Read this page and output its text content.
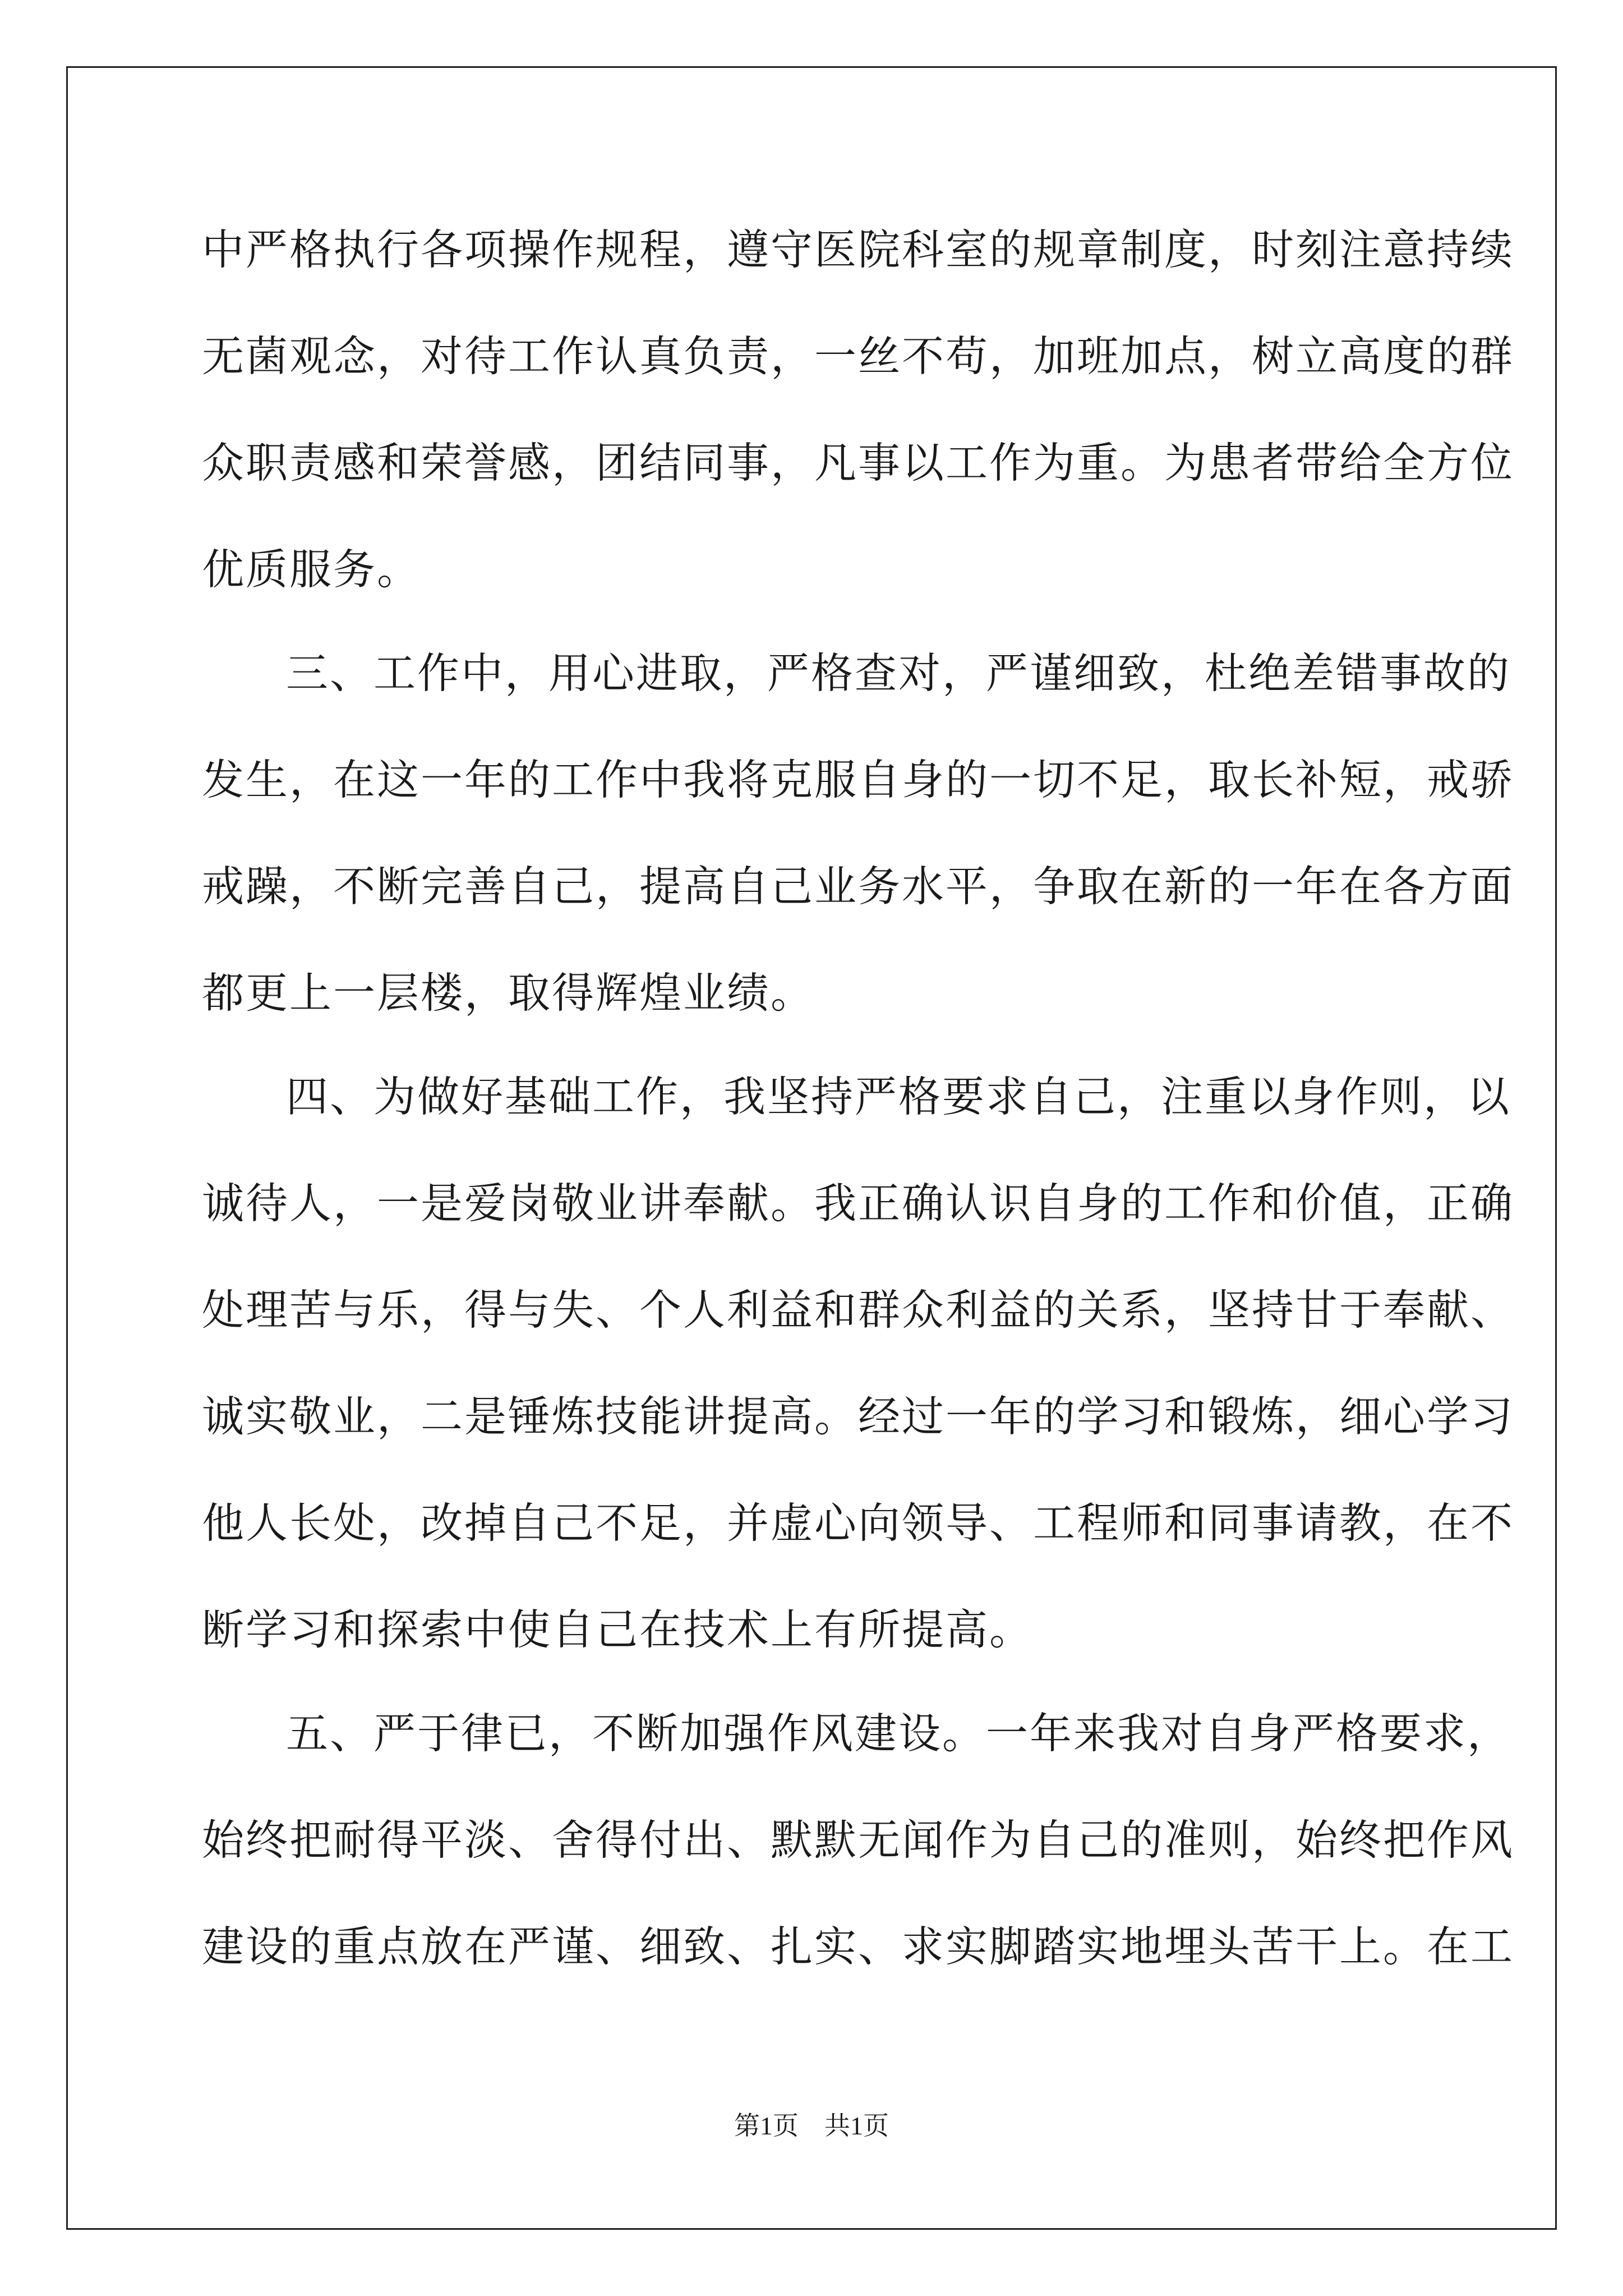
中严格执行各项操作规程，遵守医院科室的规章制度，时刻注意持续
无菌观念，对待工作认真负责，一丝不苟，加班加点，树立高度的群
众职责感和荣誉感，团结同事，凡事以工作为重。为患者带给全方位
优质服务。
三、工作中，用心进取，严格查对，严谨细致，杜绝差错事故的
发生，在这一年的工作中我将克服自身的一切不足，取长补短，戒骄
戒躁，不断完善自己，提高自己业务水平，争取在新的一年在各方面
都更上一层楼，取得辉煌业绩。
四、为做好基础工作，我坚持严格要求自己，注重以身作则，以
诚待人，一是爱岗敬业讲奉献。我正确认识自身的工作和价值，正确
处理苦与乐，得与失、个人利益和群众利益的关系，坚持甘于奉献、
诚实敬业，二是锤炼技能讲提高。经过一年的学习和锻炼，细心学习
他人长处，改掉自己不足，并虚心向领导、工程师和同事请教，在不
断学习和探索中使自己在技术上有所提高。
五、严于律已，不断加强作风建设。一年来我对自身严格要求，
始终把耐得平淡、舍得付出、默默无闻作为自己的准则，始终把作风
建设的重点放在严谨、细致、扎实、求实脚踏实地埋头苦干上。在工
第1页　共1页
